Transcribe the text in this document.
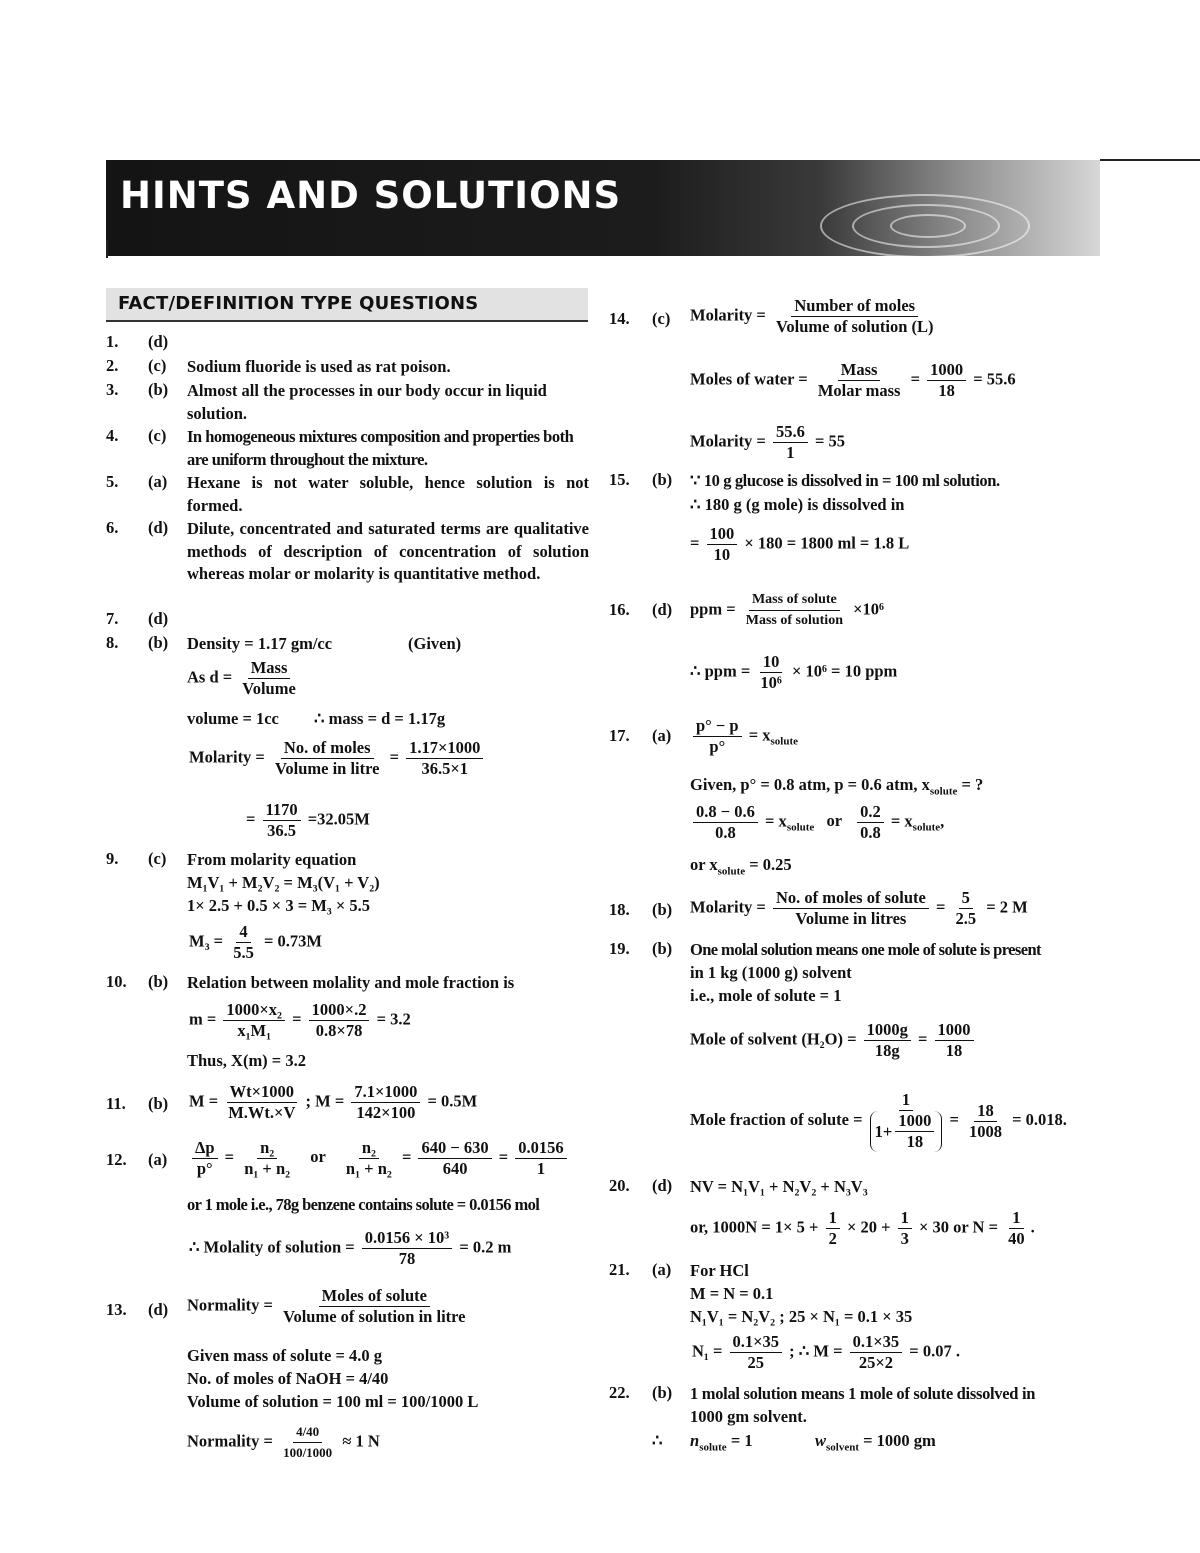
HINTS AND SOLUTIONS
FACT/DEFINITION TYPE QUESTIONS
1. (d)
2. (c) Sodium fluoride is used as rat poison.
3. (b) Almost all the processes in our body occur in liquid solution.
4. (c) In homogeneous mixtures composition and properties both are uniform throughout the mixture.
5. (a) Hexane is not water soluble, hence solution is not formed.
6. (d) Dilute, concentrated and saturated terms are qualitative methods of description of concentration of solution whereas molar or molarity is quantitative method.
7. (d)
8. (b) Density = 1.17 gm/cc	(Given)
As $d = \frac{\text{Mass}}{\text{Volume}}$
volume = 1cc ∴ mass = d = 1.17g
Molarity = $\frac{\text{No. of moles}}{\text{Volume in litre}} = \frac{1.17\times 1000}{36.5\times 1}$
= $\frac{1170}{36.5} =32.05M$
9. (c) From molarity equation
M₁V₁ + M₂V₂ = M₃(V₁ + V₂)
1× 2.5 + 0.5 × 3 = M₃ × 5.5
$M_3 = \frac{4}{5.5} = 0.73M$
10. (b) Relation between molality and mole fraction is
$m = \frac{\text{1000×x₂}}{\text{x₁M₁}} = \frac{1000\times.2}{0.8\times 78} = 3.2$
Thus, X(m) = 3.2
11. (b) $M = \frac{Wt\times 1000}{M.Wt.\times V}$ ; $M = \frac{7.1\times 1000}{142\times 100} = 0.5M$
12. $(a) \frac{\Delta p}{p^\circ} = \frac{\text{n₂}}{\text{n₁ + n₂}}$ or $\frac{\text{n₂}}{\text{n₁ + n₂}} = \frac{640 - 630}{640} = \frac{0.0156}{1}$
or 1 mole i.e., 78g benzene contains solute = 0.0156 mol
∴ Molality of solution = $\frac{\text{0.0156 × 10³}}{78} = 0.2$ m
13. (d) Normality = $\frac{\text{Moles of solute}}{\text{Volume of solution in litre}}$
Given mass of solute = 4.0 g
No. of moles of NaOH = 4/40
Volume of solution = 100 ml = 100/1000 L
Normality = $\frac{4/40}{100/1000} \approx 1$ N
14. (c) Molarity = $\frac{\text{Number of moles}}{\text{Volume of solution (L)}}$
Moles of water = $\frac{\text{Mass}}{\text{Molar mass}} = \frac{1000}{18} = 55.6$
Molarity = $\frac{55.6}{1} = 55$
15. (b) ∵ 10 g glucose is dissolved in = 100 ml solution.
∴ 180 g (g mole) is dissolved in
= $\frac{100}{10} \times 180 = 1800$ ml = 1.8 L
16. (d) ppm = $\frac{\text{Mass of solute}}{\text{Mass of solution}} \times 10^6$
∴ ppm = $\frac{10}{\text{10⁶}} \times 10^6 = 10$ ppm
17. $(a) \frac{p^\circ - p}{p^\circ} = x_{solute}$
Given, p° = 0.8 atm, p = 0.6 atm, $x_{solute}$ = ?
$\frac{0.8 - 0.6}{0.8} = x_{solute}$ or $\frac{0.2}{0.8} = x_{solute}$,
or $x_{solute} = 0.25$
18. (b) Molarity = $\frac{\text{No. of moles of solute}}{\text{Volume in litres}} = \frac{5}{2.5} = 2$ M
19. (b) One molal solution means one mole of solute is present
in 1 kg (1000 g) solvent
i.e., mole of solute = 1
Mole of solvent $(H_2O) = \frac{1000g}{18g} = \frac{1000}{18}$
Mole fraction of solute = $\frac{1}{1+ \frac{1000}{18}} = \frac{18}{1008} = 0.018$.
20. (d) NV = N₁V₁ + N₂V₂ + N₃V₃
or, $1000N = 1\times 5 + \frac{1}{2} \times 20 + \frac{1}{3} \times 30$ or $N = \frac{1}{40}$ .
21. (a) For HCl
M = N = 0.1
N₁V₁ = N₂V₂ ; 25 × N₁ = 0.1 × 35
$N_1 = \frac{0.1\times 35}{25}$ ; ∴ $M = \frac{0.1\times 35}{25\times 2} = 0.07$ .
22. (b) 1 molal solution means 1 mole of solute dissolved in
1000 gm solvent.
∴ $n_{solute} = 1$	$w_{solvent} = 1000$ gm
